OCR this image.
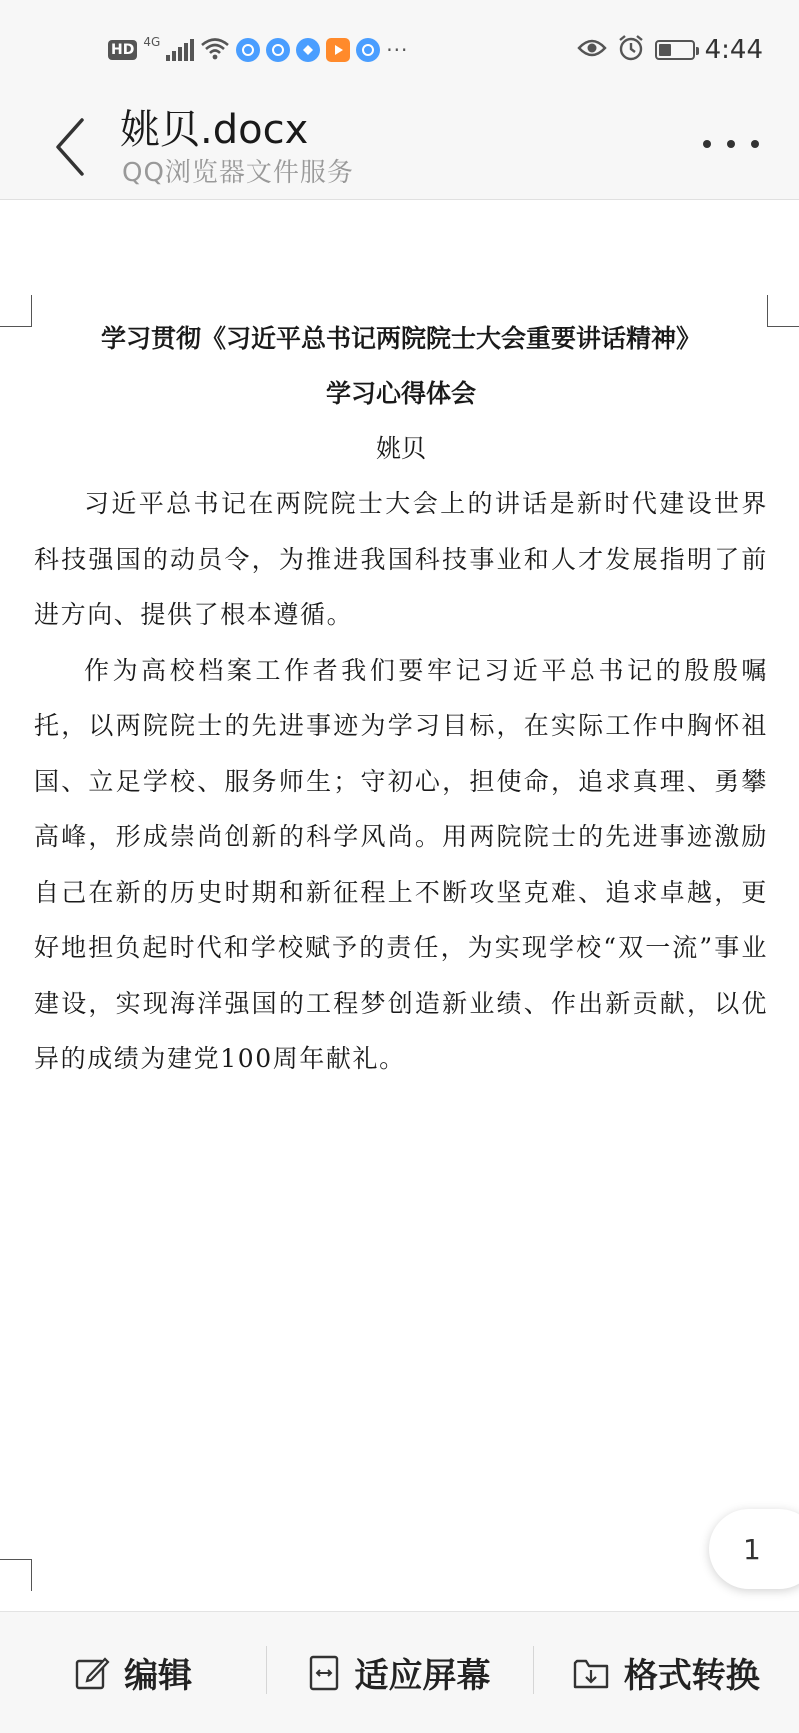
HD 4G	···	4:44
姚贝.docx
QQ浏览器文件服务
学习贯彻《习近平总书记两院院士大会重要讲话精神》
学习心得体会
姚贝

习近平总书记在两院院士大会上的讲话是新时代建设世界科技强国的动员令，为推进我国科技事业和人才发展指明了前进方向、提供了根本遵循。

作为高校档案工作者我们要牢记习近平总书记的殷殷嘱托，以两院院士的先进事迹为学习目标，在实际工作中胸怀祖国、立足学校、服务师生；守初心，担使命，追求真理、勇攀高峰，形成崇尚创新的科学风尚。用两院院士的先进事迹激励自己在新的历史时期和新征程上不断攻坚克难、追求卓越，更好地担负起时代和学校赋予的责任，为实现学校“双一流”事业建设，实现海洋强国的工程梦创造新业绩、作出新贡献，以优异的成绩为建党100周年献礼。

1
编辑	适应屏幕	格式转换
